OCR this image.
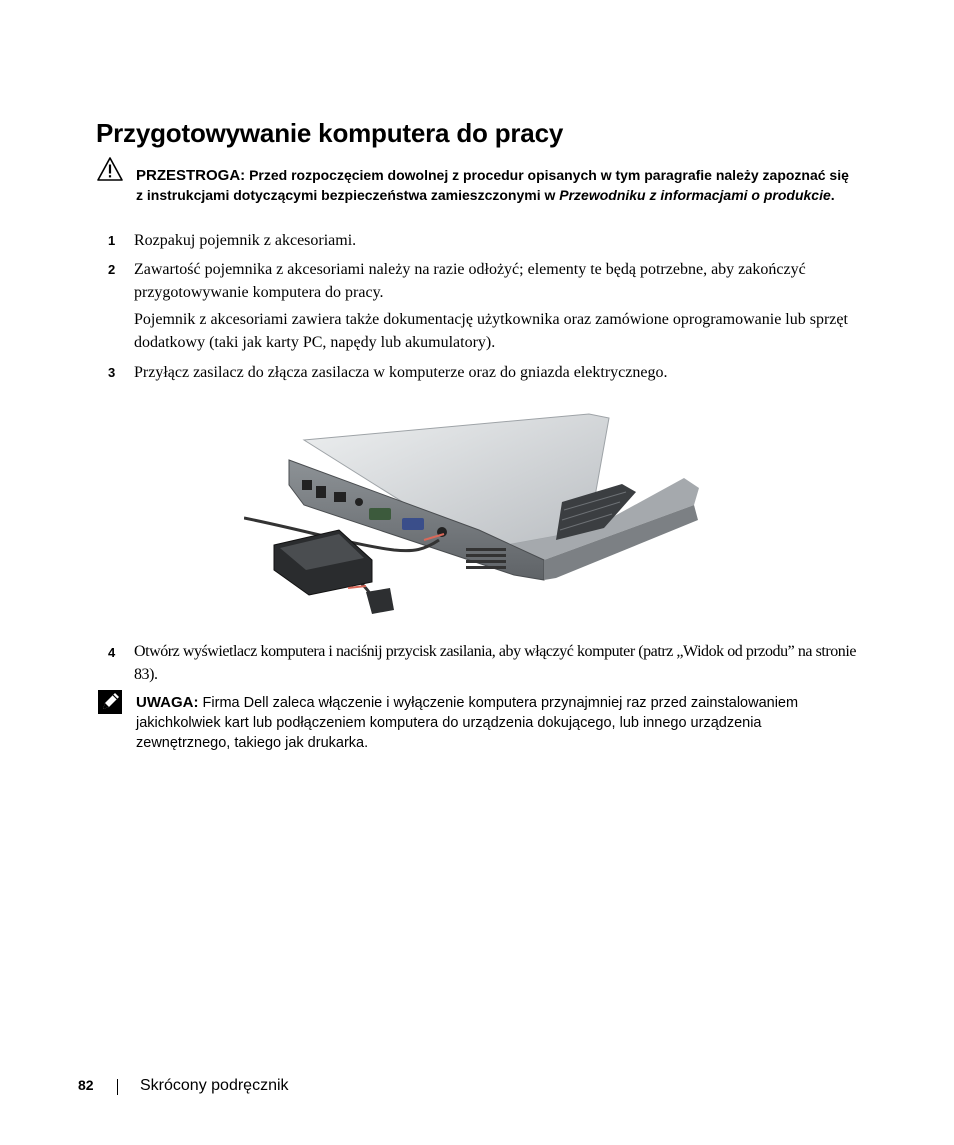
Przygotowywanie komputera do pracy
PRZESTROGA: Przed rozpoczęciem dowolnej z procedur opisanych w tym paragrafie należy zapoznać się z instrukcjami dotyczącymi bezpieczeństwa zamieszczonymi w Przewodniku z informacjami o produkcie.
1 Rozpakuj pojemnik z akcesoriami.
2 Zawartość pojemnika z akcesoriami należy na razie odłożyć; elementy te będą potrzebne, aby zakończyć przygotowywanie komputera do pracy.
Pojemnik z akcesoriami zawiera także dokumentację użytkownika oraz zamówione oprogramowanie lub sprzęt dodatkowy (taki jak karty PC, napędy lub akumulatory).
3 Przyłącz zasilacz do złącza zasilacza w komputerze oraz do gniazda elektrycznego.
4 Otwórz wyświetlacz komputera i naciśnij przycisk zasilania, aby włączyć komputer (patrz „Widok od przodu” na stronie 83).
UWAGA: Firma Dell zaleca włączenie i wyłączenie komputera przynajmniej raz przed zainstalowaniem jakichkolwiek kart lub podłączeniem komputera do urządzenia dokującego, lub innego urządzenia zewnętrznego, takiego jak drukarka.
82	Skrócony podręcznik
